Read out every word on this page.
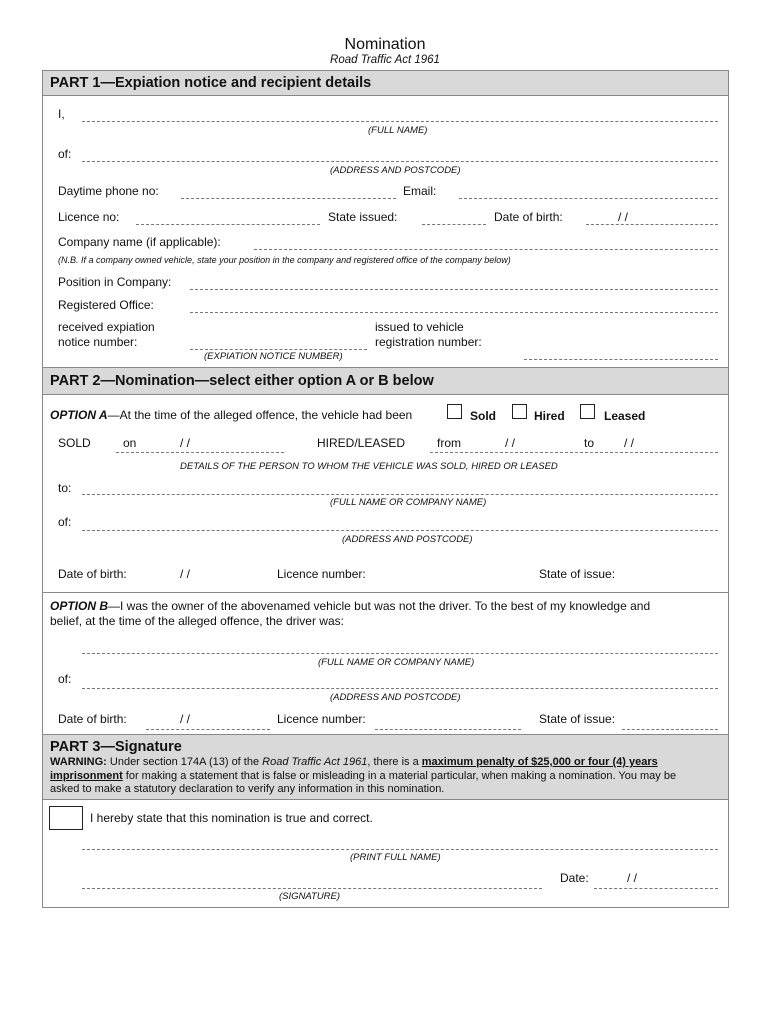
Nomination
Road Traffic Act 1961
PART 1—Expiation notice and recipient details
I,
(FULL NAME)
of:
(ADDRESS AND POSTCODE)
Daytime phone no:	Email:
Licence no:	State issued:	Date of birth:	/ /
Company name (if applicable):
(N.B. If a company owned vehicle, state your position in the company and registered office of the company below)
Position in Company:
Registered Office:
received expiation
notice number:
issued to vehicle
registration number:
(EXPIATION NOTICE NUMBER)
PART 2—Nomination—select either option A or B below
OPTION A—At the time of the alleged offence, the vehicle had been	Sold	Hired	Leased
SOLD	on	/ /	HIRED/LEASED	from	/ /	to / /
DETAILS OF THE PERSON TO WHOM THE VEHICLE WAS SOLD, HIRED OR LEASED
to:
(FULL NAME OR COMPANY NAME)
of:
(ADDRESS AND POSTCODE)
Date of birth:	/ /	Licence number:	State of issue:
OPTION B—I was the owner of the abovenamed vehicle but was not the driver. To the best of my knowledge and
belief, at the time of the alleged offence, the driver was:
(FULL NAME OR COMPANY NAME)
of:
(ADDRESS AND POSTCODE)
Date of birth:	/ /	Licence number:	State of issue:
PART 3—Signature
WARNING: Under section 174A (13) of the Road Traffic Act 1961, there is a maximum penalty of $25,000 or four (4) years
imprisonment for making a statement that is false or misleading in a material particular, when making a nomination. You may be
asked to make a statutory declaration to verify any information in this nomination.
I hereby state that this nomination is true and correct.
(PRINT FULL NAME)
Date:	/ /
(SIGNATURE)
